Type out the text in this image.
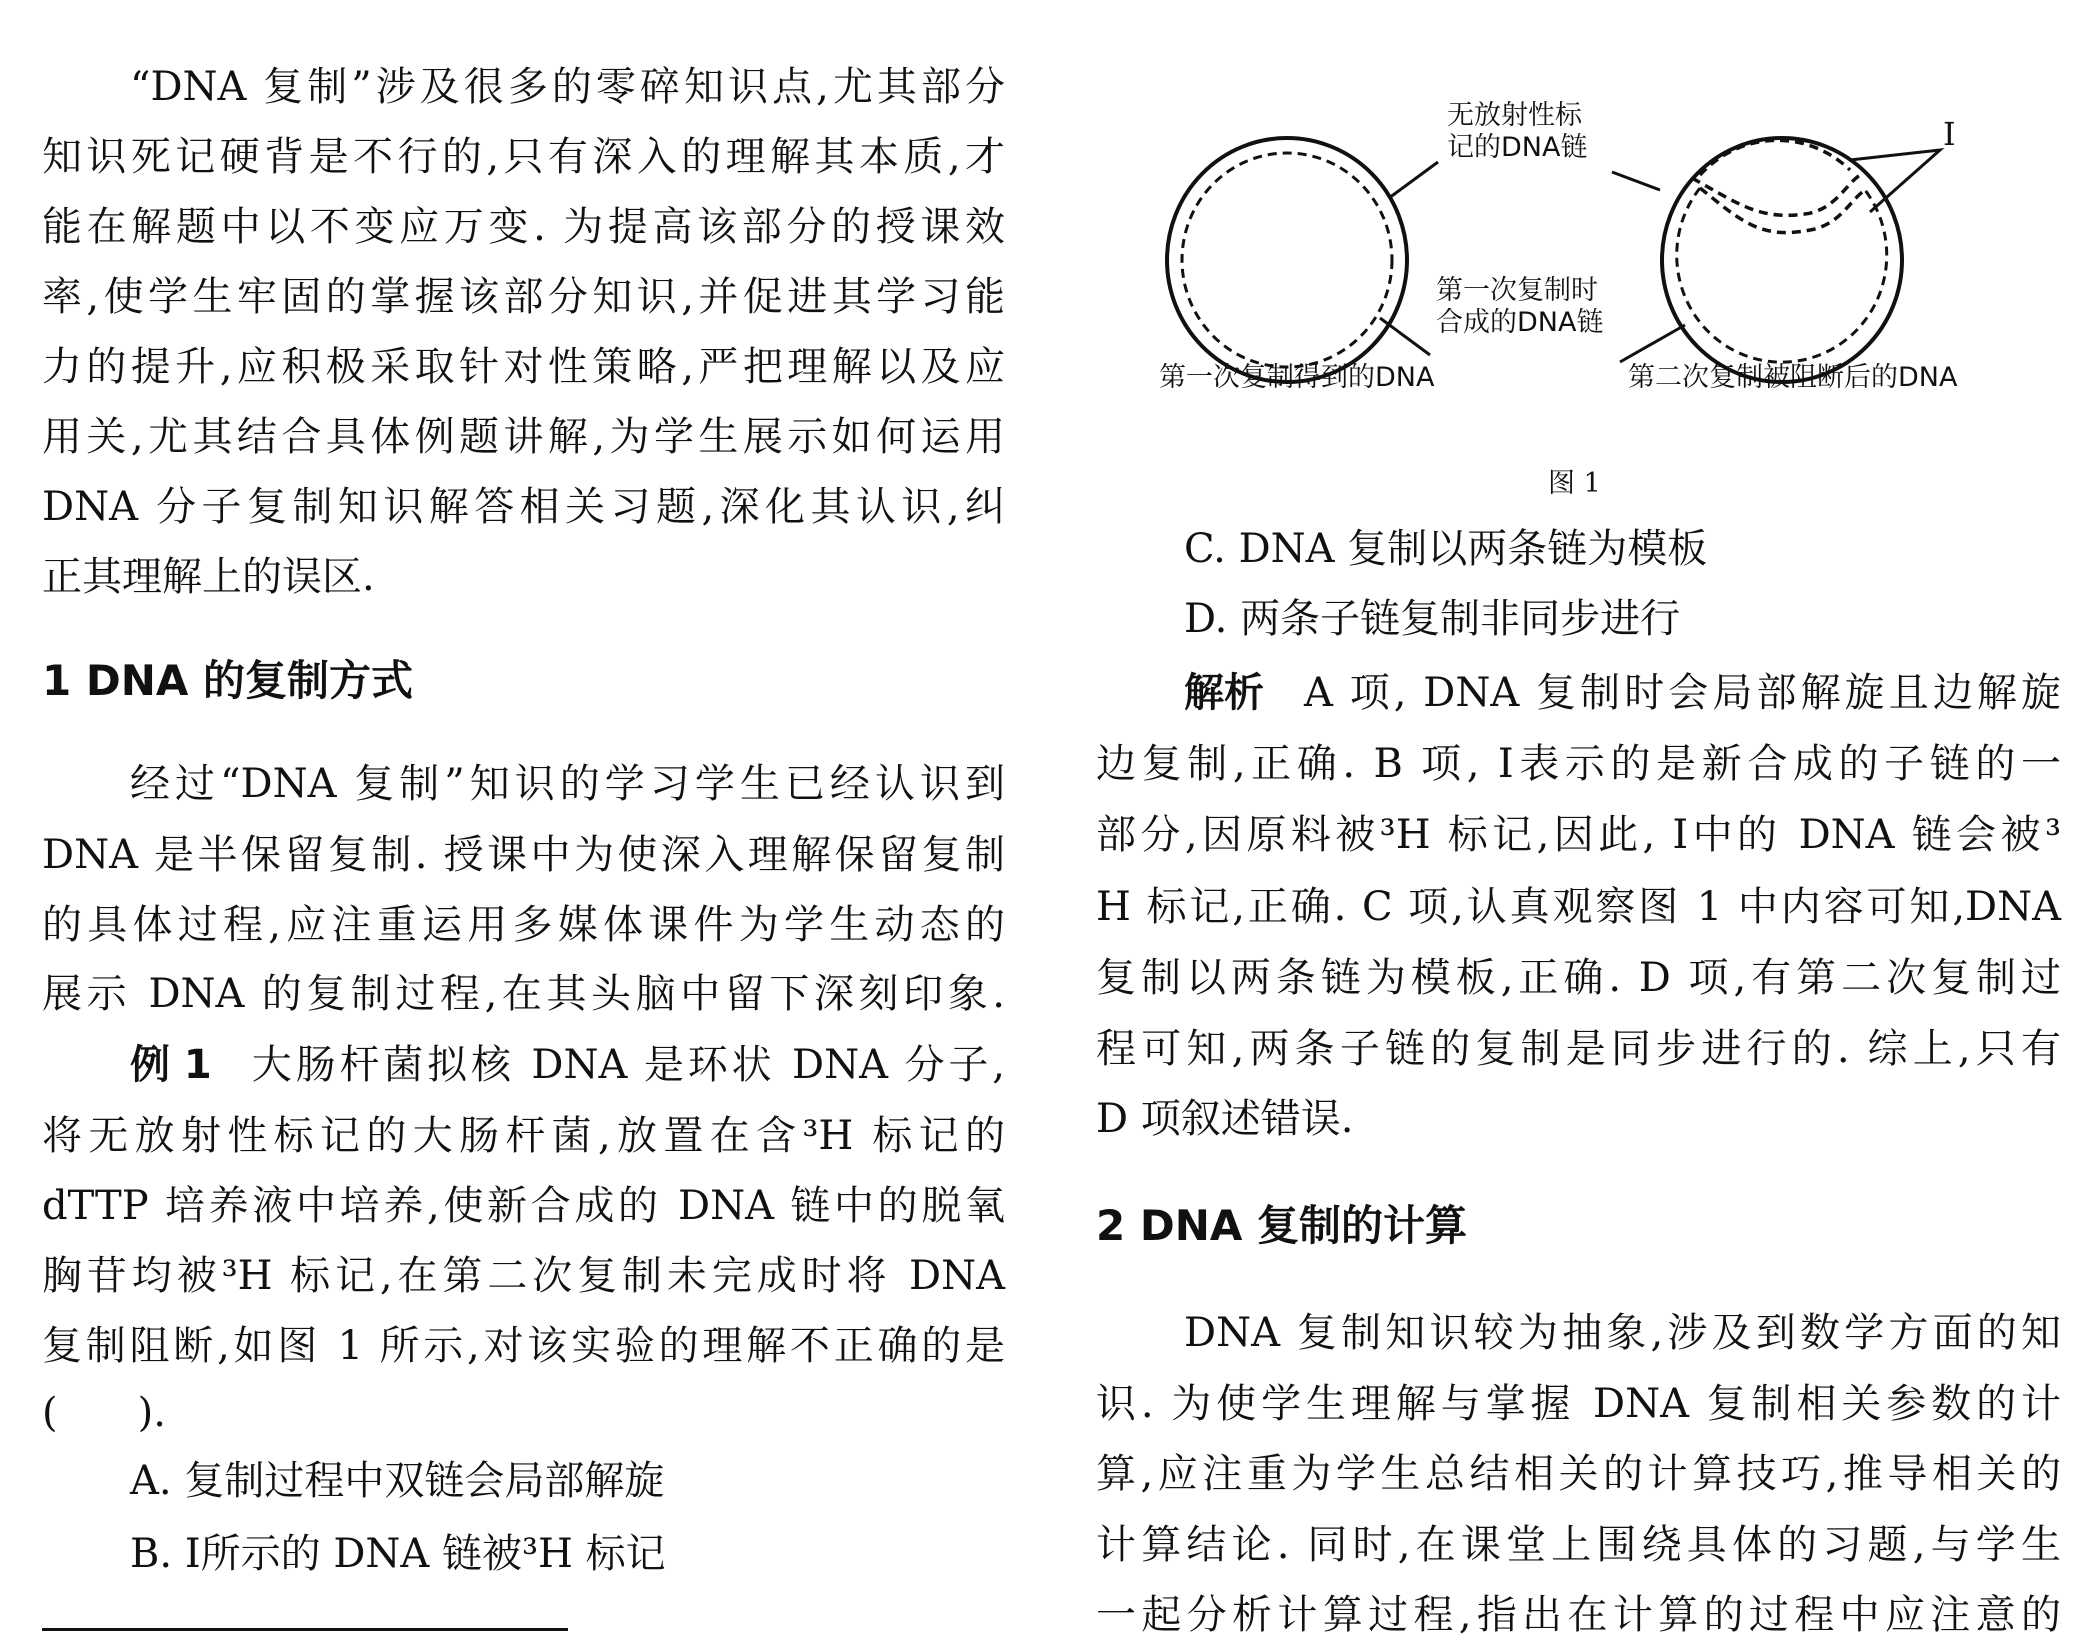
“DNA 复制”涉及很多的零碎知识点,尤其部分
知识死记硬背是不行的,只有深入的理解其本质,才
能在解题中以不变应万变. 为提高该部分的授课效
率,使学生牢固的掌握该部分知识,并促进其学习能
力的提升,应积极采取针对性策略,严把理解以及应
用关,尤其结合具体例题讲解,为学生展示如何运用
DNA 分子复制知识解答相关习题,深化其认识,纠
正其理解上的误区.
1 DNA 的复制方式
经过“DNA 复制”知识的学习学生已经认识到
DNA 是半保留复制. 授课中为使深入理解保留复制
的具体过程,应注重运用多媒体课件为学生动态的
展示 DNA 的复制过程,在其头脑中留下深刻印象.
例 1 大肠杆菌拟核 DNA 是环状 DNA 分子,
将无放射性标记的大肠杆菌,放置在含³H 标记的
dTTP 培养液中培养,使新合成的 DNA 链中的脱氧
胸苷均被³H 标记,在第二次复制未完成时将 DNA
复制阻断,如图 1 所示,对该实验的理解不正确的是
(　　).
A. 复制过程中双链会局部解旋
B. Ⅰ所示的 DNA 链被³H 标记
无放射性标
记的DNA链
第一次复制时
合成的DNA链
I
第一次复制得到的DNA	第二次复制被阻断后的DNA
图 1
C. DNA 复制以两条链为模板
D. 两条子链复制非同步进行
解析 A 项, DNA 复制时会局部解旋且边解旋
边复制,正确. B 项, Ⅰ表示的是新合成的子链的一
部分,因原料被³H 标记,因此, Ⅰ中的 DNA 链会被³
H 标记,正确. C 项,认真观察图 1 中内容可知,DNA
复制以两条链为模板,正确. D 项,有第二次复制过
程可知,两条子链的复制是同步进行的. 综上,只有
D 项叙述错误.
2 DNA 复制的计算
DNA 复制知识较为抽象,涉及到数学方面的知
识. 为使学生理解与掌握 DNA 复制相关参数的计
算,应注重为学生总结相关的计算技巧,推导相关的
计算结论. 同时,在课堂上围绕具体的习题,与学生
一起分析计算过程,指出在计算的过程中应注意的
